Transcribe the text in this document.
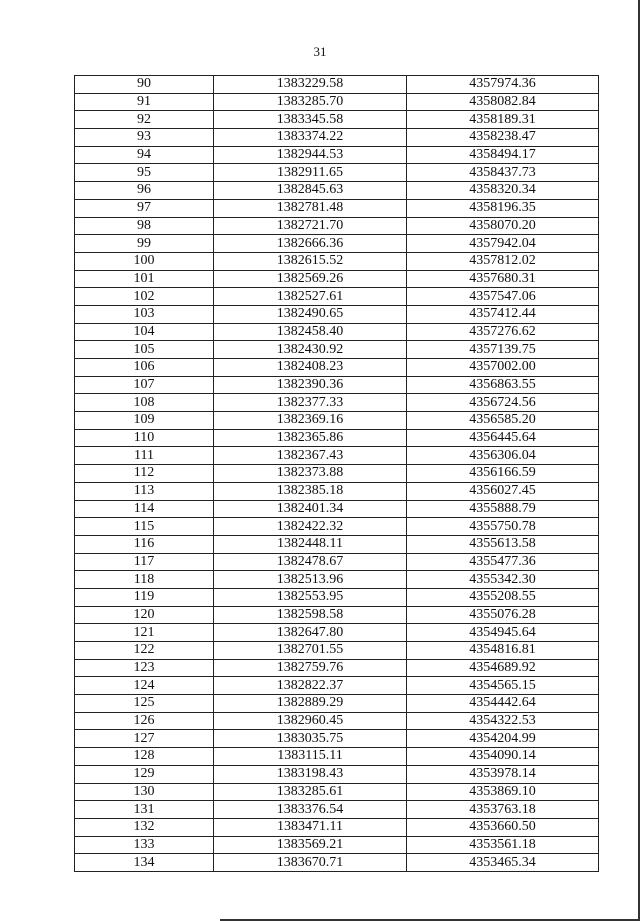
31
90	1383229.58	4357974.36
91	1383285.70	4358082.84
92	1383345.58	4358189.31
93	1383374.22	4358238.47
94	1382944.53	4358494.17
95	1382911.65	4358437.73
96	1382845.63	4358320.34
97	1382781.48	4358196.35
98	1382721.70	4358070.20
99	1382666.36	4357942.04
100	1382615.52	4357812.02
101	1382569.26	4357680.31
102	1382527.61	4357547.06
103	1382490.65	4357412.44
104	1382458.40	4357276.62
105	1382430.92	4357139.75
106	1382408.23	4357002.00
107	1382390.36	4356863.55
108	1382377.33	4356724.56
109	1382369.16	4356585.20
110	1382365.86	4356445.64
111	1382367.43	4356306.04
112	1382373.88	4356166.59
113	1382385.18	4356027.45
114	1382401.34	4355888.79
115	1382422.32	4355750.78
116	1382448.11	4355613.58
117	1382478.67	4355477.36
118	1382513.96	4355342.30
119	1382553.95	4355208.55
120	1382598.58	4355076.28
121	1382647.80	4354945.64
122	1382701.55	4354816.81
123	1382759.76	4354689.92
124	1382822.37	4354565.15
125	1382889.29	4354442.64
126	1382960.45	4354322.53
127	1383035.75	4354204.99
128	1383115.11	4354090.14
129	1383198.43	4353978.14
130	1383285.61	4353869.10
131	1383376.54	4353763.18
132	1383471.11	4353660.50
133	1383569.21	4353561.18
134	1383670.71	4353465.34
